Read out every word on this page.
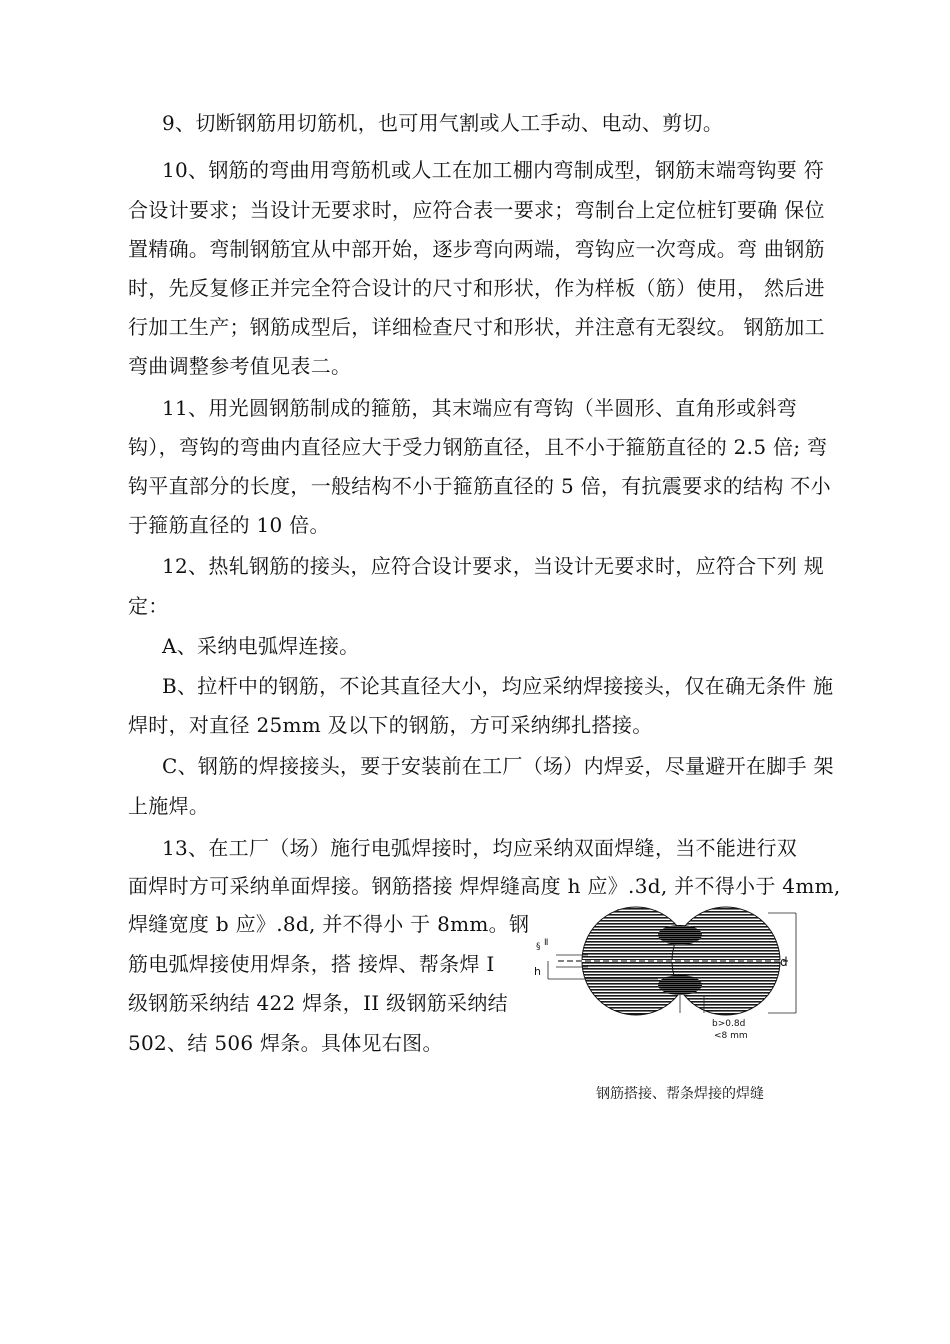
9、切断钢筋用切筋机，也可用气割或人工手动、电动、剪切。
10、钢筋的弯曲用弯筋机或人工在加工棚内弯制成型，钢筋末端弯钩要 符
合设计要求；当设计无要求时，应符合表一要求；弯制台上定位桩钉要确 保位
置精确。弯制钢筋宜从中部开始，逐步弯向两端，弯钩应一次弯成。弯 曲钢筋
时，先反复修正并完全符合设计的尺寸和形状，作为样板（筋）使用， 然后进
行加工生产；钢筋成型后，详细检查尺寸和形状，并注意有无裂纹。 钢筋加工
弯曲调整参考值见表二。
11、用光圆钢筋制成的箍筋，其末端应有弯钩（半圆形、直角形或斜弯
钩），弯钩的弯曲内直径应大于受力钢筋直径，且不小于箍筋直径的 2.5 倍; 弯
钩平直部分的长度，一般结构不小于箍筋直径的 5 倍，有抗震要求的结构 不小
于箍筋直径的 10 倍。
12、热轧钢筋的接头，应符合设计要求，当设计无要求时，应符合下列 规
定：
A、采纳电弧焊连接。
B、拉杆中的钢筋，不论其直径大小，均应采纳焊接接头，仅在确无条件 施
焊时，对直径 25mm 及以下的钢筋，方可采纳绑扎搭接。
C、钢筋的焊接接头，要于安装前在工厂（场）内焊妥，尽量避开在脚手 架
上施焊。
13、在工厂（场）施行电弧焊接时，均应采纳双面焊缝，当不能进行双
面焊时方可采纳单面焊接。钢筋搭接 焊焊缝高度 h 应》.3d, 并不得小于 4mm,
焊缝宽度 b 应》.8d, 并不得小 于 8mm。钢
筋电弧焊接使用焊条，搭 接焊、帮条焊 I
级钢筋采纳结 422 焊条，II 级钢筋采纳结
502、结 506 焊条。具体见右图。
§ Ⅱ
d
h
b>0.8d
<8 mm
钢筋搭接、帮条焊接的焊缝
